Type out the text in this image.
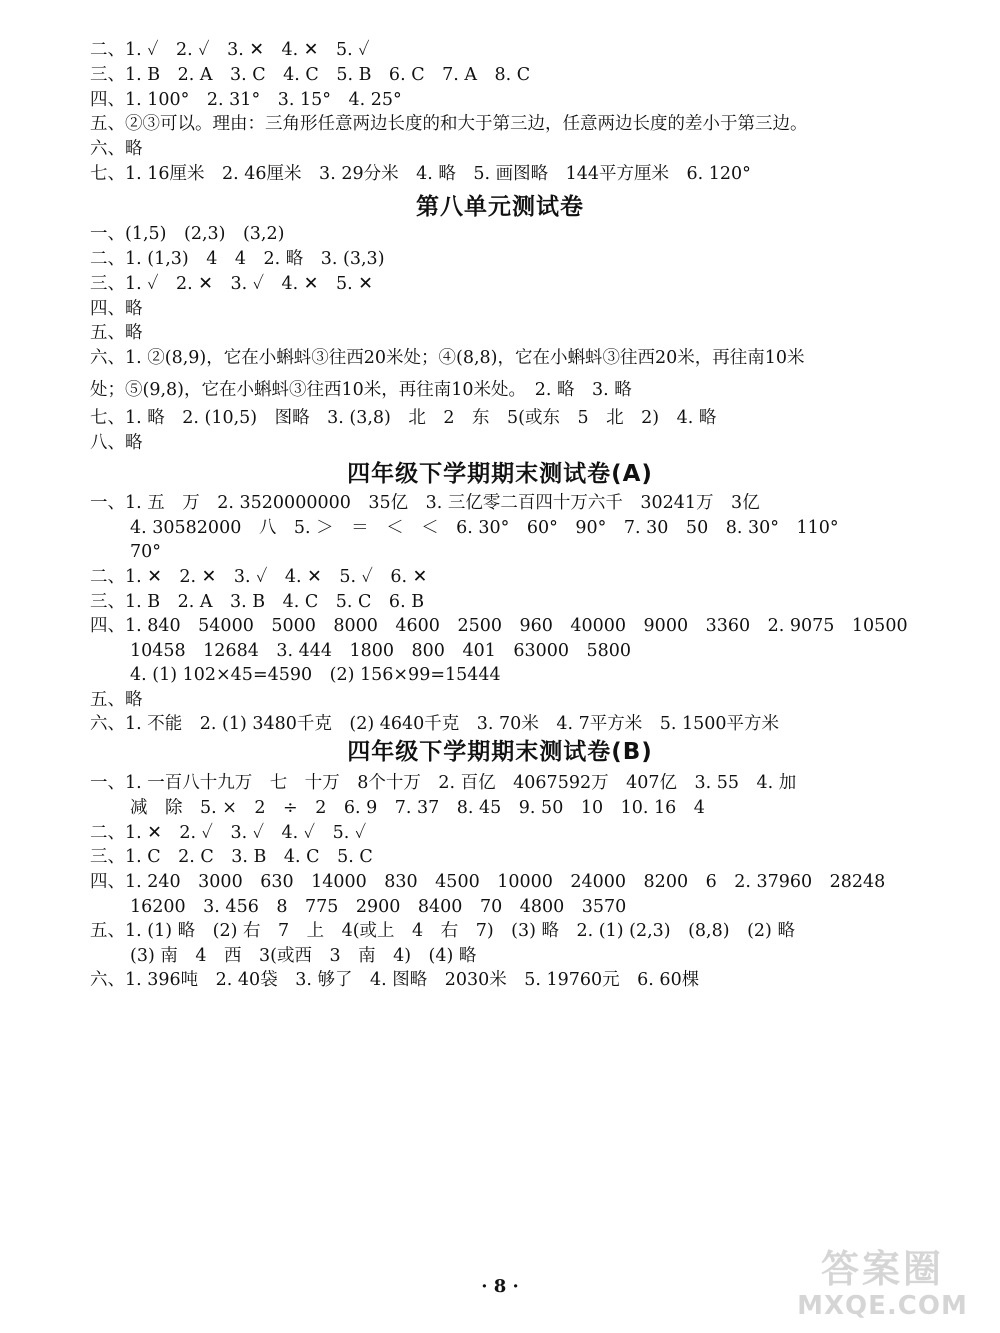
二、1. ✓　2. ✓　3. ✕　4. ✕　5. ✓
三、1. B　2. A　3. C　4. C　5. B　6. C　7. A　8. C
四、1. 100°　2. 31°　3. 15°　4. 25°
五、②③可以。理由：三角形任意两边长度的和大于第三边，任意两边长度的差小于第三边。
六、略
七、1. 16厘米　2. 46厘米　3. 29分米　4. 略　5. 画图略　144平方厘米　6. 120°
第八单元测试卷
一、(1,5)　(2,3)　(3,2)
二、1. (1,3)　4　4　2. 略　3. (3,3)
三、1. ✓　2. ✕　3. ✓　4. ✕　5. ✕
四、略
五、略
六、1. ②(8,9)，它在小蝌蚪③往西20米处；④(8,8)，它在小蝌蚪③往西20米，再往南10米
处；⑤(9,8)，它在小蝌蚪③往西10米，再往南10米处。　2. 略　3. 略
七、1. 略　2. (10,5)　图略　3. (3,8)　北　2　东　5(或东　5　北　2)　4. 略
八、略
四年级下学期期末测试卷(A)
一、1. 五　万　2. 3520000000　35亿　3. 三亿零二百四十万六千　30241万　3亿
4. 30582000　八　5. ＞　＝　＜　＜　6. 30°　60°　90°　7. 30　50　8. 30°　110°
70°
二、1. ✕　2. ✕　3. ✓　4. ✕　5. ✓　6. ✕
三、1. B　2. A　3. B　4. C　5. C　6. B
四、1. 840　54000　5000　8000　4600　2500　960　40000　9000　3360　2. 9075　10500
10458　12684　3. 444　1800　800　401　63000　5800
4. (1) 102×45=4590　(2) 156×99=15444
五、略
六、1. 不能　2. (1) 3480千克　(2) 4640千克　3. 70米　4. 7平方米　5. 1500平方米
四年级下学期期末测试卷(B)
一、1. 一百八十九万　七　十万　8个十万　2. 百亿　4067592万　407亿　3. 55　4. 加
减　除　5. ×　2　÷　2　6. 9　7. 37　8. 45　9. 50　10　10. 16　4
二、1. ✕　2. ✓　3. ✓　4. ✓　5. ✓
三、1. C　2. C　3. B　4. C　5. C
四、1. 240　3000　630　14000　830　4500　10000　24000　8200　6　2. 37960　28248
16200　3. 456　8　775　2900　8400　70　4800　3570
五、1. (1) 略　(2) 右　7　上　4(或上　4　右　7)　(3) 略　2. (1) (2,3)　(8,8)　(2) 略
(3) 南　4　西　3(或西　3　南　4)　(4) 略
六、1. 396吨　2. 40袋　3. 够了　4. 图略　2030米　5. 19760元　6. 60棵
· 8 ·	答案圈
MXQE.COM
